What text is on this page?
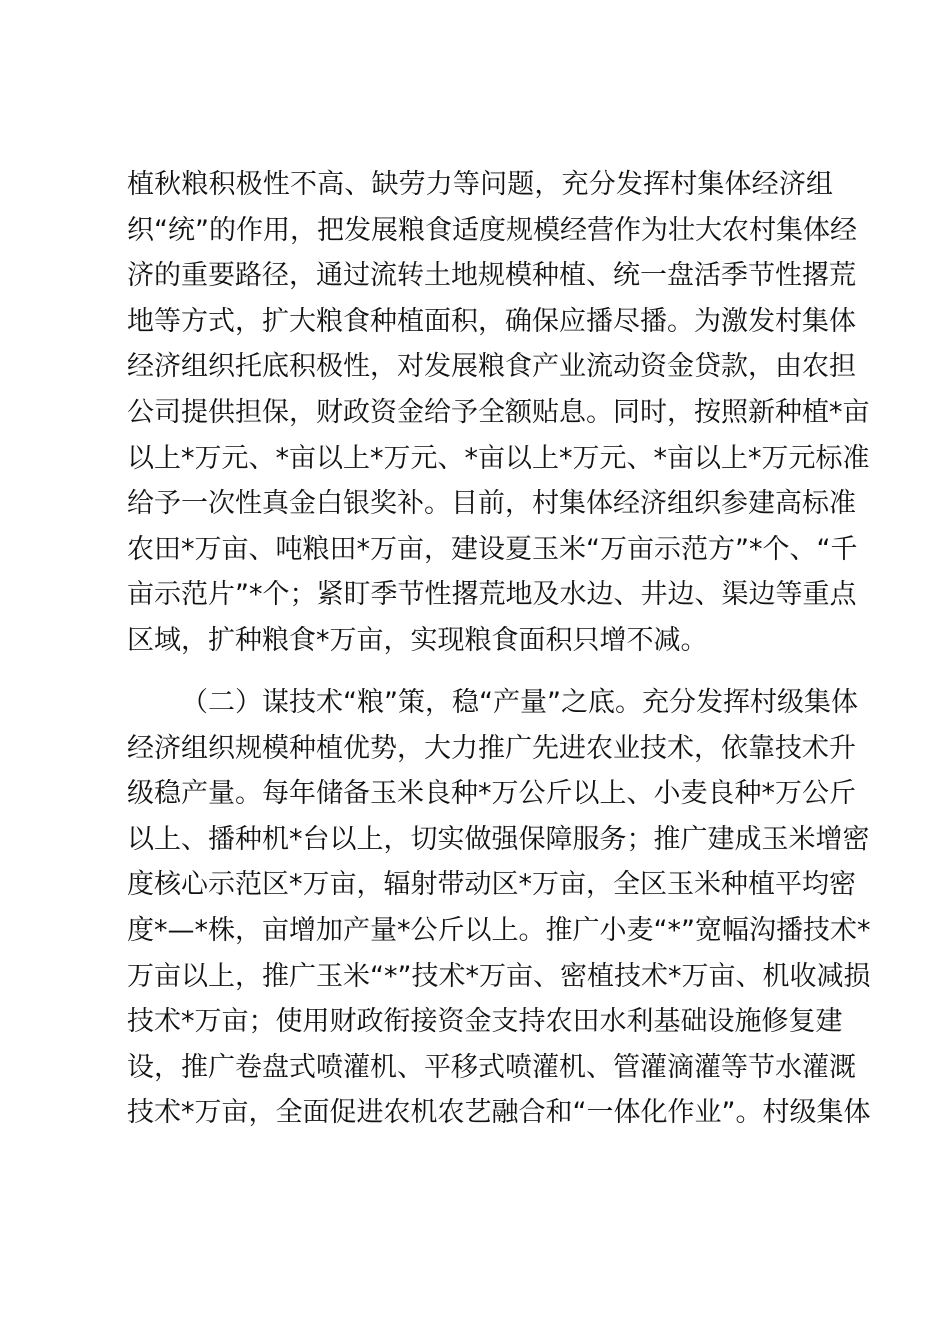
植秋粮积极性不高、缺劳力等问题，充分发挥村集体经济组
织“统”的作用，把发展粮食适度规模经营作为壮大农村集体经
济的重要路径，通过流转土地规模种植、统一盘活季节性撂荒
地等方式，扩大粮食种植面积，确保应播尽播。为激发村集体
经济组织托底积极性，对发展粮食产业流动资金贷款，由农担
公司提供担保，财政资金给予全额贴息。同时，按照新种植*亩
以上*万元、*亩以上*万元、*亩以上*万元、*亩以上*万元标准
给予一次性真金白银奖补。目前，村集体经济组织参建高标准
农田*万亩、吨粮田*万亩，建设夏玉米“万亩示范方”*个、“千
亩示范片”*个；紧盯季节性撂荒地及水边、井边、渠边等重点
区域，扩种粮食*万亩，实现粮食面积只增不减。
（二）谋技术“粮”策，稳“产量”之底。充分发挥村级集体
经济组织规模种植优势，大力推广先进农业技术，依靠技术升
级稳产量。每年储备玉米良种*万公斤以上、小麦良种*万公斤
以上、播种机*台以上，切实做强保障服务；推广建成玉米增密
度核心示范区*万亩，辐射带动区*万亩，全区玉米种植平均密
度*—*株，亩增加产量*公斤以上。推广小麦“*”宽幅沟播技术*
万亩以上，推广玉米“*”技术*万亩、密植技术*万亩、机收减损
技术*万亩；使用财政衔接资金支持农田水利基础设施修复建
设，推广卷盘式喷灌机、平移式喷灌机、管灌滴灌等节水灌溉
技术*万亩，全面促进农机农艺融合和“一体化作业”。村级集体
